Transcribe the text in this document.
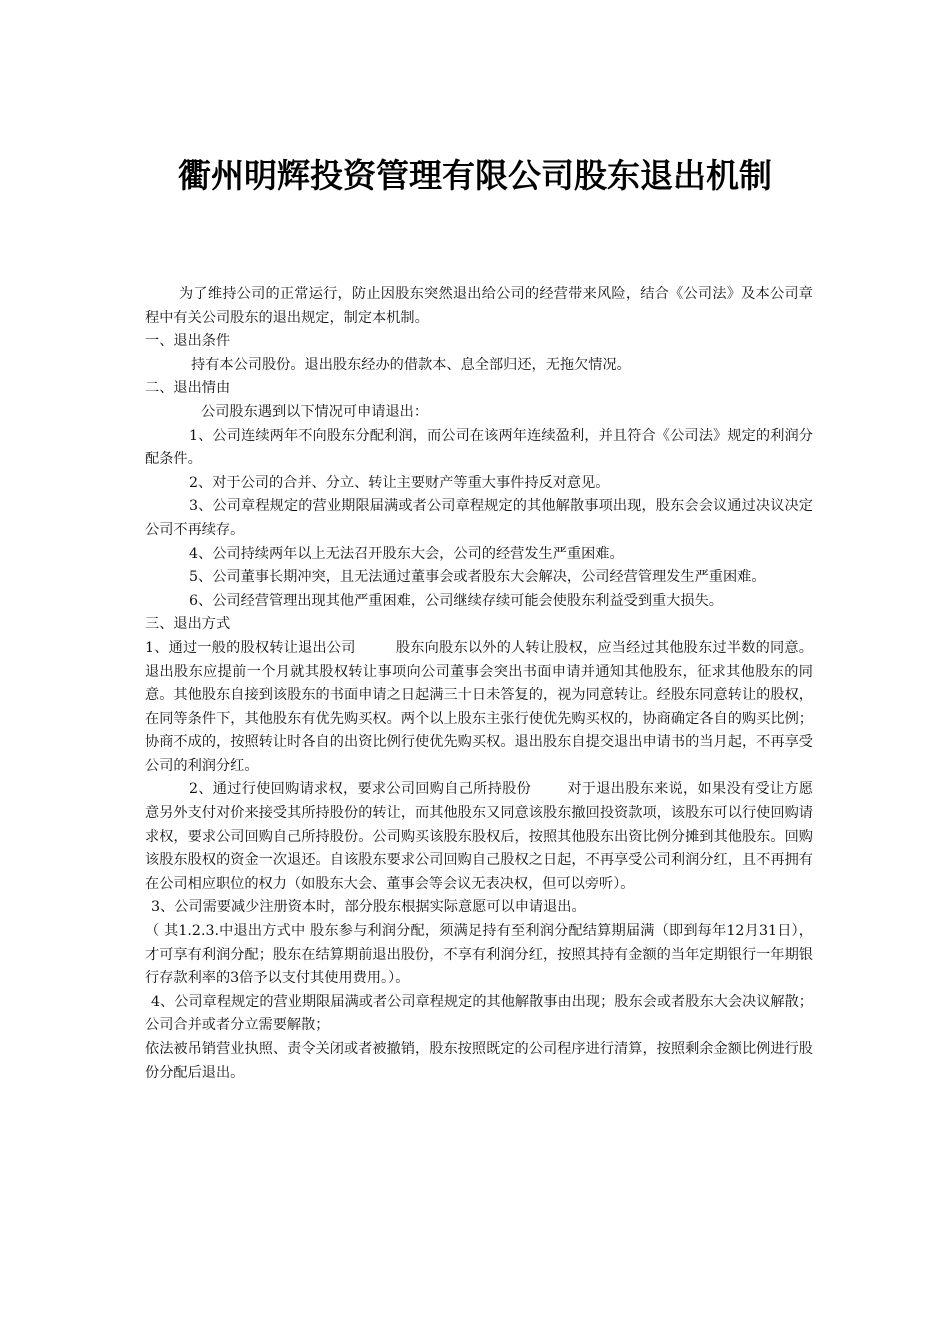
衢州明辉投资管理有限公司股东退出机制

为了维持公司的正常运行，防止因股东突然退出给公司的经营带来风险，结合《公司法》及本公司章程中有关公司股东的退出规定，制定本机制。

一、退出条件

持有本公司股份。退出股东经办的借款本、息全部归还，无拖欠情况。

二、退出情由

公司股东遇到以下情况可申请退出：

1、公司连续两年不向股东分配利润，而公司在该两年连续盈利，并且符合《公司法》规定的利润分配条件。

2、对于公司的合并、分立、转让主要财产等重大事件持反对意见。

3、公司章程规定的营业期限届满或者公司章程规定的其他解散事项出现，股东会会议通过决议决定公司不再续存。

4、公司持续两年以上无法召开股东大会，公司的经营发生严重困难。

5、公司董事长期冲突，且无法通过董事会或者股东大会解决，公司经营管理发生严重困难。

6、公司经营管理出现其他严重困难，公司继续存续可能会使股东利益受到重大损失。

三、退出方式

1、通过一般的股权转让退出公司	股东向股东以外的人转让股权，应当经过其他股东过半数的同意。退出股东应提前一个月就其股权转让事项向公司董事会突出书面申请并通知其他股东，征求其他股东的同意。其他股东自接到该股东的书面申请之日起满三十日未答复的，视为同意转让。经股东同意转让的股权，在同等条件下，其他股东有优先购买权。两个以上股东主张行使优先购买权的，协商确定各自的购买比例；协商不成的，按照转让时各自的出资比例行使优先购买权。退出股东自提交退出申请书的当月起，不再享受公司的利润分红。

2、通过行使回购请求权，要求公司回购自己所持股份	对于退出股东来说，如果没有受让方愿意另外支付对价来接受其所持股份的转让，而其他股东又同意该股东撤回投资款项，该股东可以行使回购请求权，要求公司回购自己所持股份。公司购买该股东股权后，按照其他股东出资比例分摊到其他股东。回购该股东股权的资金一次退还。自该股东要求公司回购自己股权之日起，不再享受公司利润分红，且不再拥有在公司相应职位的权力（如股东大会、董事会等会议无表决权，但可以旁听）。

3、公司需要减少注册资本时，部分股东根据实际意愿可以申请退出。

（ 其1.2.3.中退出方式中 股东参与利润分配，须满足持有至利润分配结算期届满（即到每年12月31日），才可享有利润分配；股东在结算期前退出股份，不享有利润分红，按照其持有金额的当年定期银行一年期银行存款利率的3倍予以支付其使用费用。）。

4、公司章程规定的营业期限届满或者公司章程规定的其他解散事由出现；股东会或者股东大会决议解散；公司合并或者分立需要解散；

依法被吊销营业执照、责令关闭或者被撤销，股东按照既定的公司程序进行清算，按照剩余金额比例进行股份分配后退出。
